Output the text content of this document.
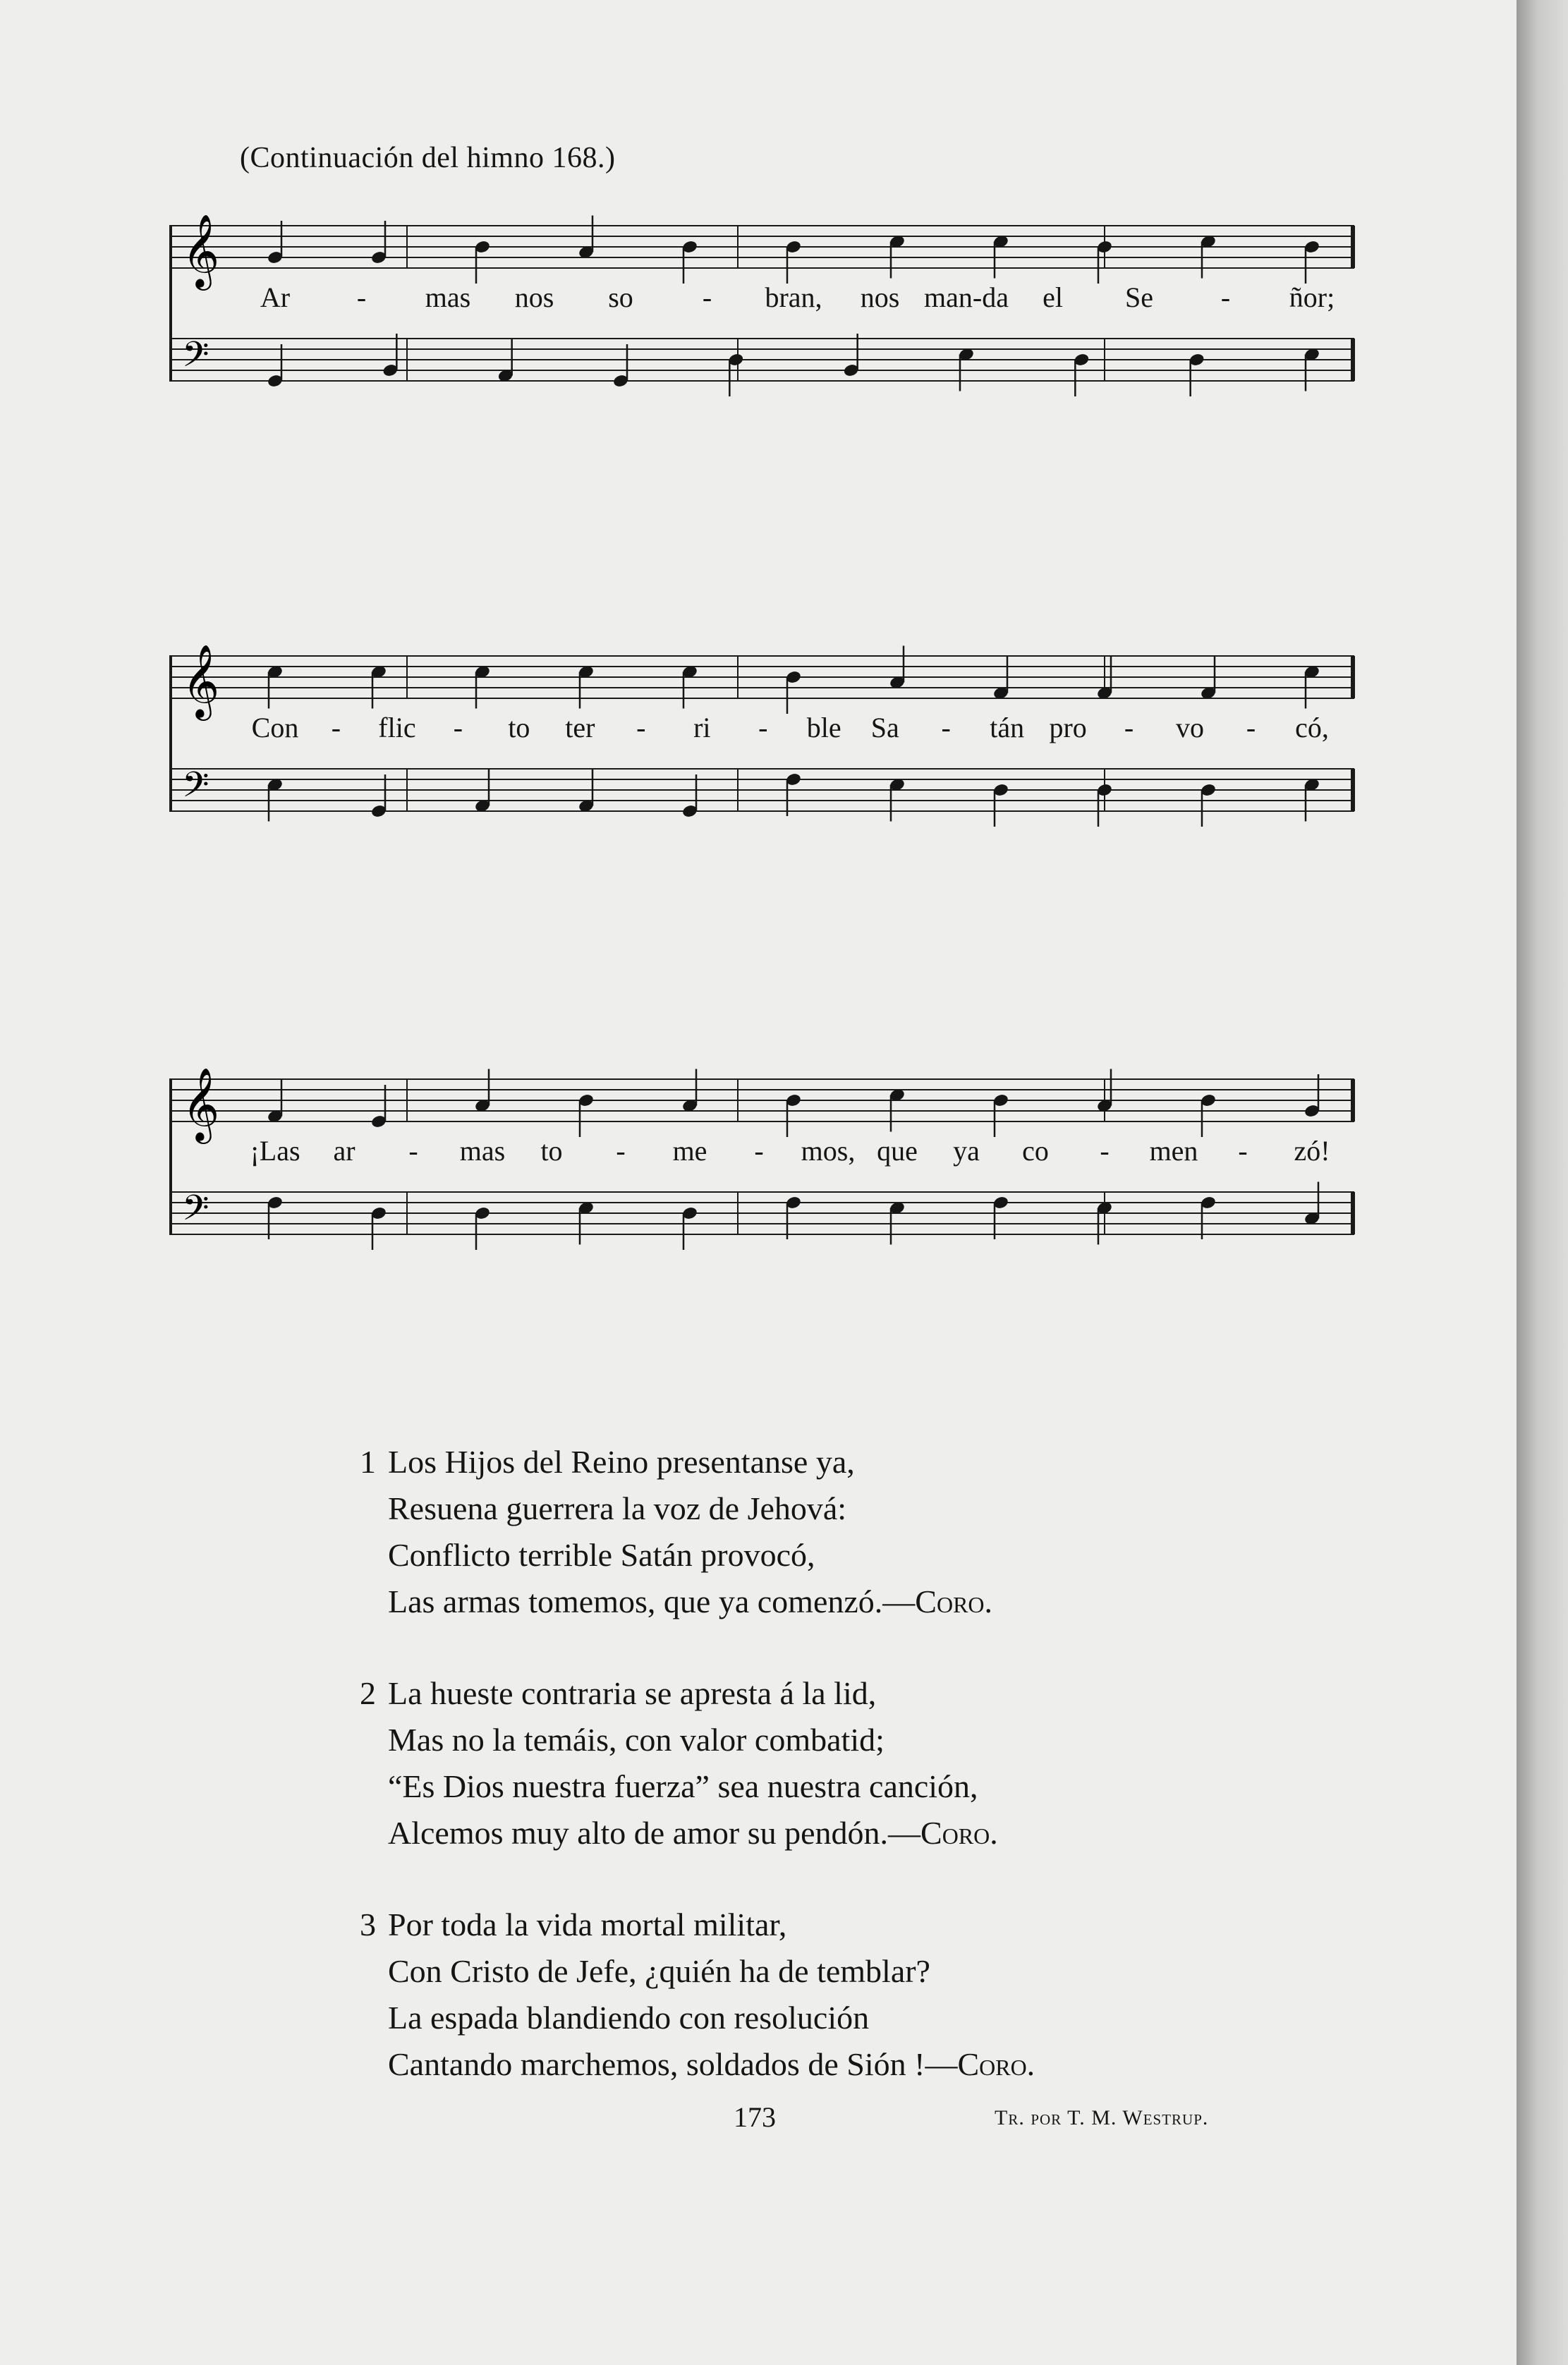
(Continuación del himno 168.)
𝄞
𝄢
Ar - mas nos so - bran, nos man-da el Se - ñor;
𝄞
𝄢
Con - flic - to ter - ri - ble Sa - tán pro - vo - có,
𝄞
𝄢
¡Las ar - mas to - me - mos, que ya co - men - zó!
1 Los Hijos del Reino presentanse ya,
Resuena guerrera la voz de Jehová:
Conflicto terrible Satán provocó,
Las armas tomemos, que ya comenzó.—Coro.
2 La hueste contraria se apresta á la lid,
Mas no la temáis, con valor combatid;
“Es Dios nuestra fuerza” sea nuestra canción,
Alcemos muy alto de amor su pendón.—Coro.
3 Por toda la vida mortal militar,
Con Cristo de Jefe, ¿quién ha de temblar?
La espada blandiendo con resolución
Cantando marchemos, soldados de Sión !—Coro.
173	Tr. por T. M. Westrup.
